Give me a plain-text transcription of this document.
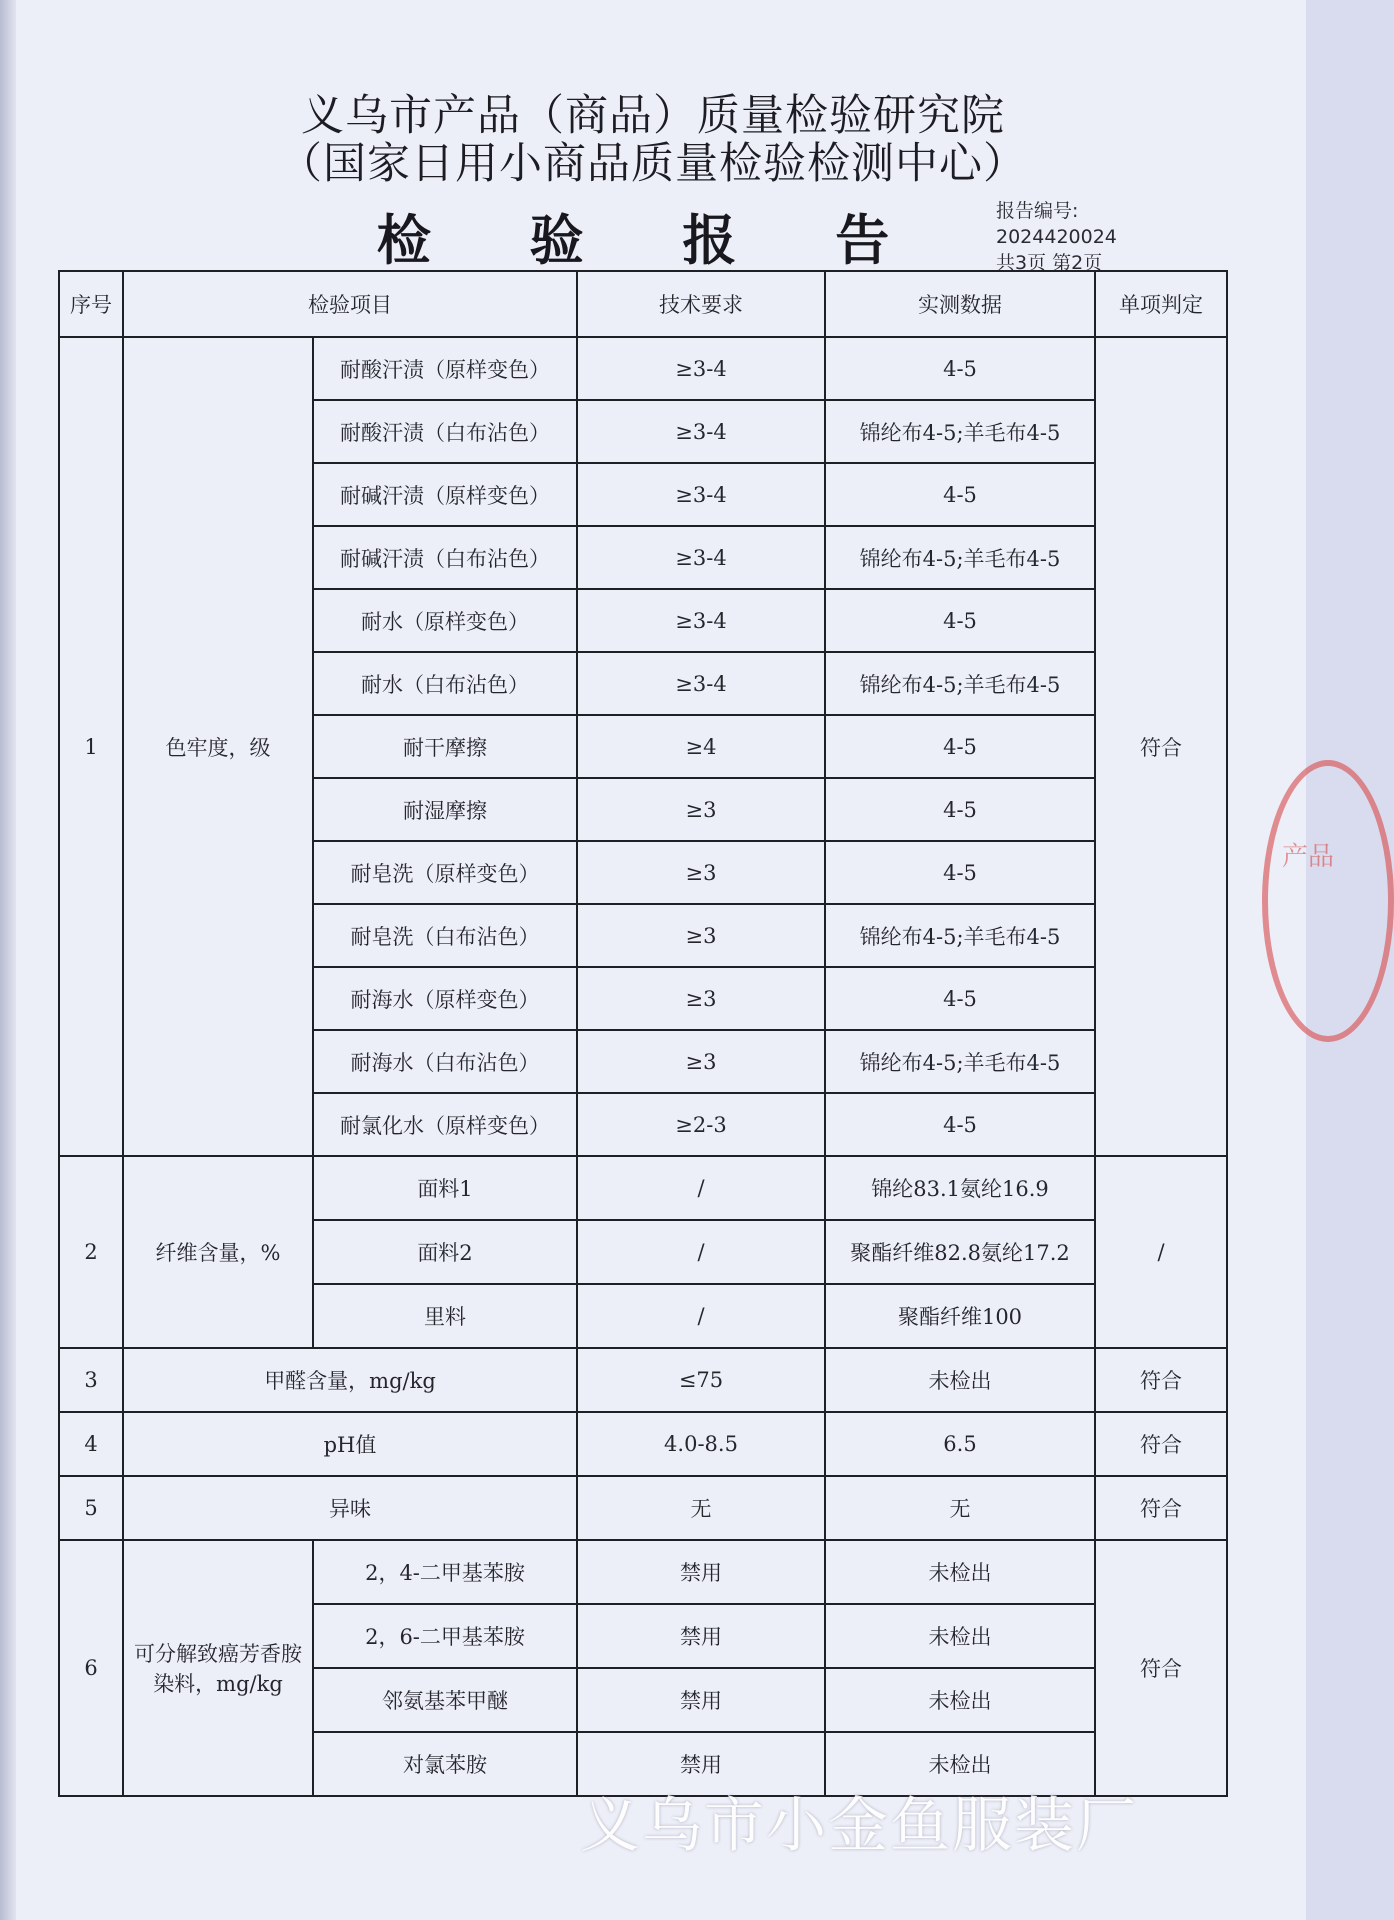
义乌市产品（商品）质量检验研究院
（国家日用小商品质量检验检测中心）
检 验 报 告	报告编号:
2024420024
共3页 第2页
序号	检验项目		技术要求	实测数据	单项判定
1	色牢度，级	耐酸汗渍（原样变色）	≥3-4	4-5	符合
		耐酸汗渍（白布沾色）	≥3-4	锦纶布4-5;羊毛布4-5	
		耐碱汗渍（原样变色）	≥3-4	4-5	
		耐碱汗渍（白布沾色）	≥3-4	锦纶布4-5;羊毛布4-5	
		耐水（原样变色）	≥3-4	4-5	
		耐水（白布沾色）	≥3-4	锦纶布4-5;羊毛布4-5	
		耐干摩擦	≥4	4-5	
		耐湿摩擦	≥3	4-5	
		耐皂洗（原样变色）	≥3	4-5	
		耐皂洗（白布沾色）	≥3	锦纶布4-5;羊毛布4-5	
		耐海水（原样变色）	≥3	4-5	
		耐海水（白布沾色）	≥3	锦纶布4-5;羊毛布4-5	
		耐氯化水（原样变色）	≥2-3	4-5	
2	纤维含量，%	面料1	/	锦纶83.1氨纶16.9	/
		面料2	/	聚酯纤维82.8氨纶17.2	
		里料	/	聚酯纤维100	
3	甲醛含量，mg/kg		≤75	未检出	符合
4	pH值		4.0-8.5	6.5	符合
5	异味		无	无	符合
6	可分解致癌芳香胺染料，mg/kg	2，4-二甲基苯胺	禁用	未检出	符合
		2，6-二甲基苯胺	禁用	未检出	
		邻氨基苯甲醚	禁用	未检出	
		对氯苯胺	禁用	未检出	
产品
义乌市小金鱼服装厂
